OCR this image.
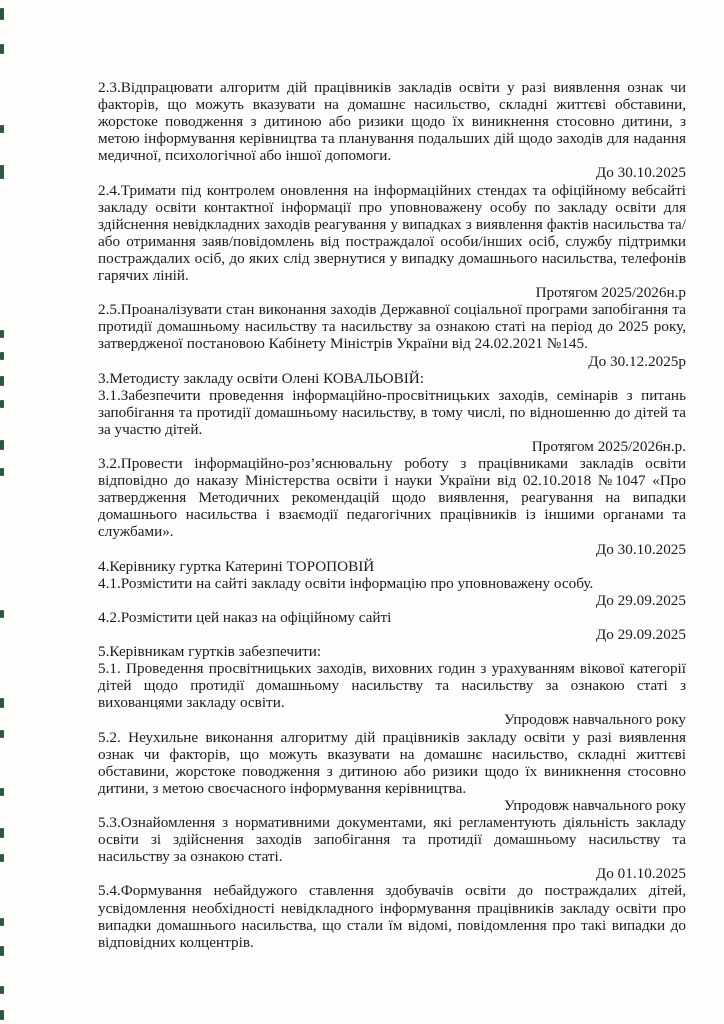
2.3.Відпрацювати алгоритм дій працівників закладів освіти у разі виявлення ознак чи факторів, що можуть вказувати на домашнє насильство, складні життєві обставини, жорстоке поводження з дитиною або ризики щодо їх виникнення стосовно дитини, з метою інформування керівництва та планування подальших дій щодо заходів для надання медичної, психологічної або іншої допомоги.

До 30.10.2025

2.4.Тримати під контролем оновлення на інформаційних стендах та офіційному вебсайті закладу освіти контактної інформації про уповноважену особу по закладу освіти для здійснення невідкладних заходів реагування у випадках з виявлення фактів насильства та/або отримання заяв/повідомлень від постраждалої особи/інших осіб, службу підтримки постраждалих осіб, до яких слід звернутися у випадку домашнього насильства, телефонів гарячих ліній.

Протягом 2025/2026н.р

2.5.Проаналізувати стан виконання заходів Державної соціальної програми запобігання та протидії домашньому насильству та насильству за ознакою статі на період до 2025 року, затвердженої постановою Кабінету Міністрів України від 24.02.2021 №145.

До 30.12.2025р

3.Методисту закладу освіти Олені КОВАЛЬОВІЙ:

3.1.Забезпечити проведення інформаційно-просвітницьких заходів, семінарів з питань запобігання та протидії домашньому насильству, в тому числі, по відношенню до дітей та за участю дітей.

Протягом 2025/2026н.р.

3.2.Провести інформаційно-роз’яснювальну роботу з працівниками закладів освіти відповідно до наказу Міністерства освіти і науки України від 02.10.2018 №1047 «Про затвердження Методичних рекомендацій щодо виявлення, реагування на випадки домашнього насильства і взаємодії педагогічних працівників із іншими органами та службами».

До 30.10.2025

4.Керівнику гуртка Катерині ТОРОПОВІЙ

4.1.Розмістити на сайті закладу освіти інформацію про уповноважену особу.

До 29.09.2025

4.2.Розмістити цей наказ на офіційному сайті

До 29.09.2025

5.Керівникам гуртків забезпечити:

5.1. Проведення просвітницьких заходів, виховних годин з урахуванням вікової категорії дітей щодо протидії домашньому насильству та насильству за ознакою статі з вихованцями закладу освіти.

Упродовж навчального року

5.2. Неухильне виконання алгоритму дій працівників закладу освіти у разі виявлення ознак чи факторів, що можуть вказувати на домашнє насильство, складні життєві обставини, жорстоке поводження з дитиною або ризики щодо їх виникнення стосовно дитини, з метою своєчасного інформування керівництва.

Упродовж навчального року

5.3.Ознайомлення з нормативними документами, які регламентують діяльність закладу освіти зі здійснення заходів запобігання та протидії домашньому насильству та насильству за ознакою статі.

До 01.10.2025

5.4.Формування небайдужого ставлення здобувачів освіти до постраждалих дітей, усвідомлення необхідності невідкладного інформування працівників закладу освіти про випадки домашнього насильства, що стали їм відомі, повідомлення про такі випадки до відповідних колцентрів.
